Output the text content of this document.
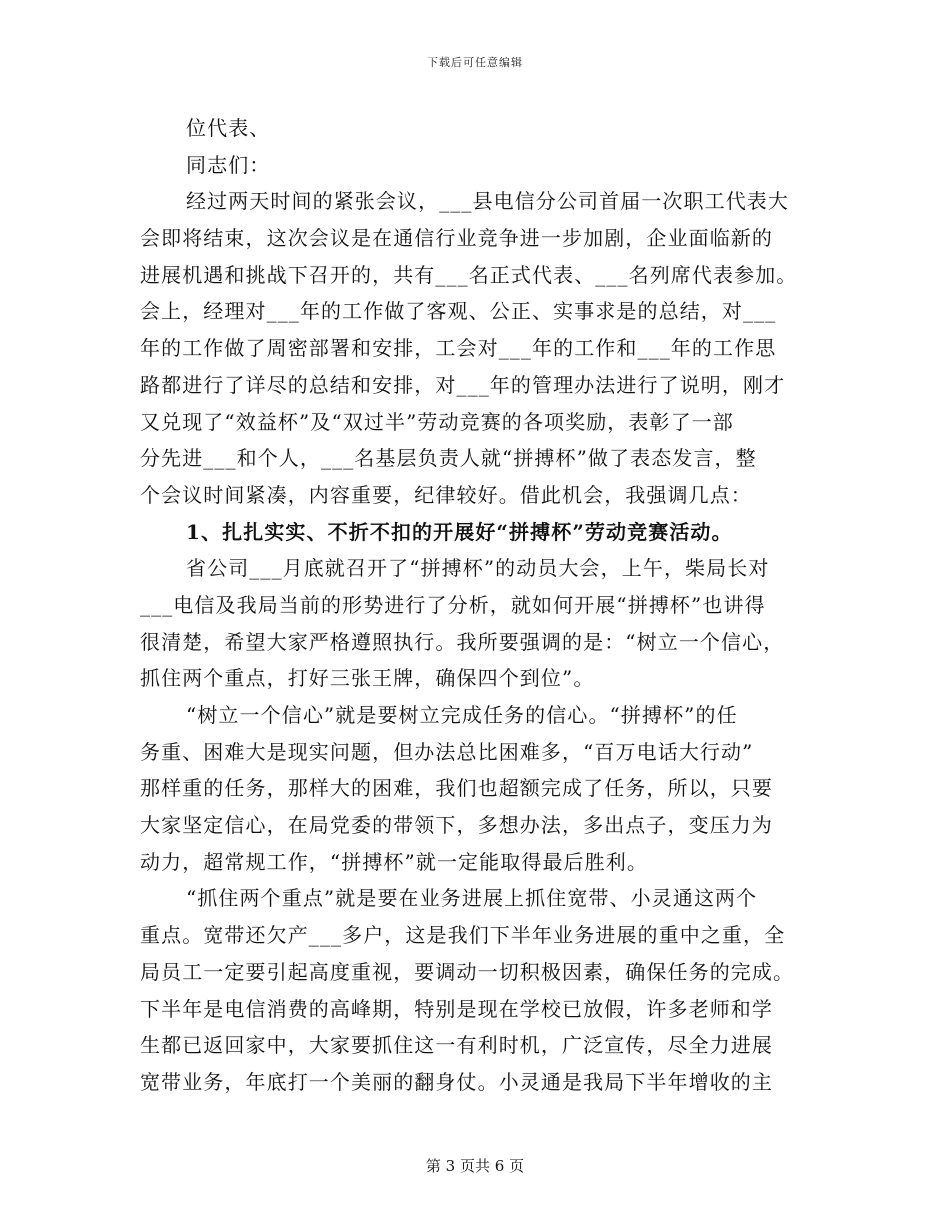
下载后可任意编辑
位代表、
同志们：
经过两天时间的紧张会议，___县电信分公司首届一次职工代表大
会即将结束，这次会议是在通信行业竞争进一步加剧，企业面临新的
进展机遇和挑战下召开的，共有___名正式代表、___名列席代表参加。
会上，经理对___年的工作做了客观、公正、实事求是的总结，对___
年的工作做了周密部署和安排，工会对___年的工作和___年的工作思
路都进行了详尽的总结和安排，对___年的管理办法进行了说明，刚才
又兑现了“效益杯”及“双过半”劳动竞赛的各项奖励，表彰了一部
分先进___和个人，___名基层负责人就“拼搏杯”做了表态发言，整
个会议时间紧凑，内容重要，纪律较好。借此机会，我强调几点：
1、扎扎实实、不折不扣的开展好“拼搏杯”劳动竞赛活动。
省公司___月底就召开了“拼搏杯”的动员大会，上午，柴局长对
___电信及我局当前的形势进行了分析，就如何开展“拼搏杯”也讲得
很清楚，希望大家严格遵照执行。我所要强调的是：“树立一个信心，
抓住两个重点，打好三张王牌，确保四个到位”。
“树立一个信心”就是要树立完成任务的信心。“拼搏杯”的任
务重、困难大是现实问题，但办法总比困难多，“百万电话大行动”
那样重的任务，那样大的困难，我们也超额完成了任务，所以，只要
大家坚定信心，在局党委的带领下，多想办法，多出点子，变压力为
动力，超常规工作，“拼搏杯”就一定能取得最后胜利。
“抓住两个重点”就是要在业务进展上抓住宽带、小灵通这两个
重点。宽带还欠产___多户，这是我们下半年业务进展的重中之重，全
局员工一定要引起高度重视，要调动一切积极因素，确保任务的完成。
下半年是电信消费的高峰期，特别是现在学校已放假，许多老师和学
生都已返回家中，大家要抓住这一有利时机，广泛宣传，尽全力进展
宽带业务，年底打一个美丽的翻身仗。小灵通是我局下半年增收的主
第 3 页共 6 页
